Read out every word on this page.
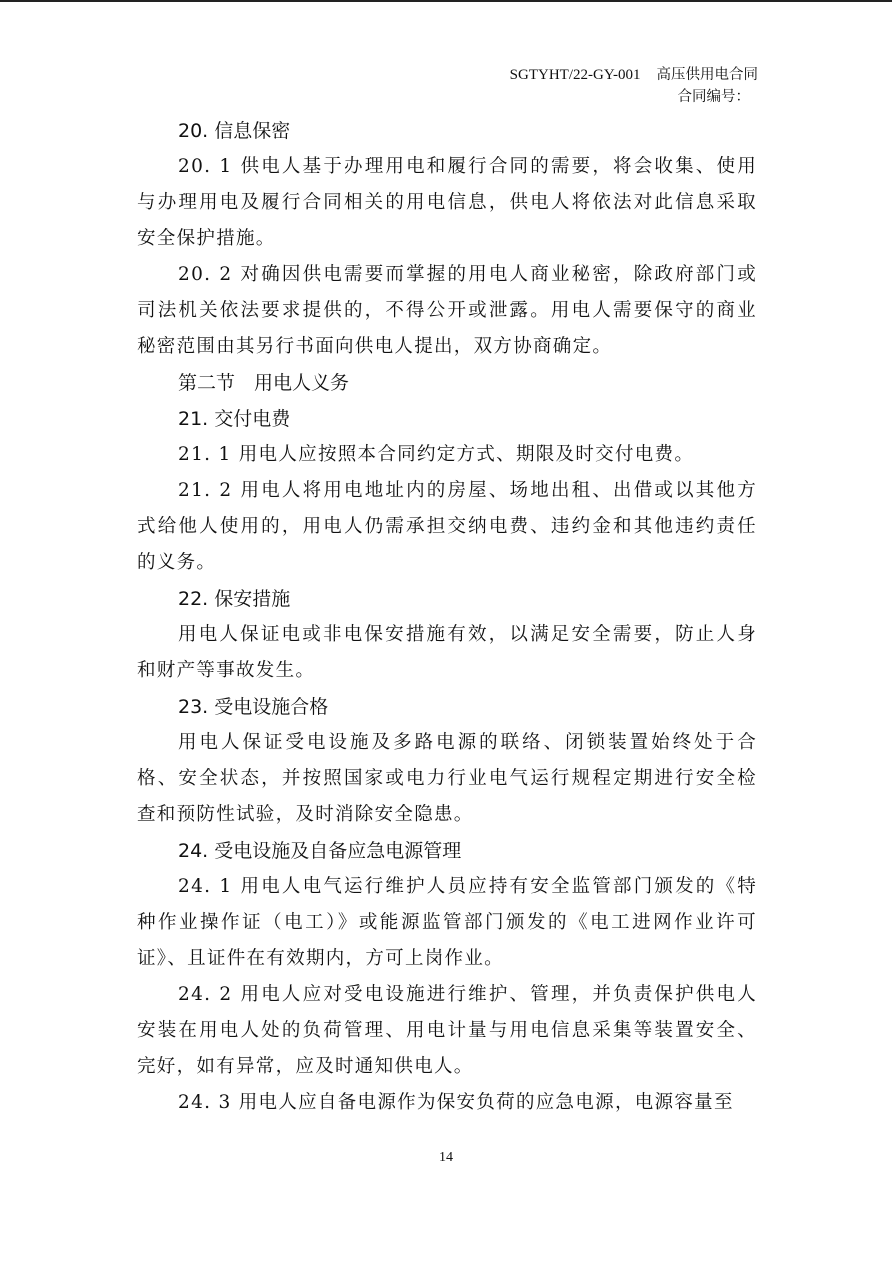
SGTYHT/22-GY-001 高压供用电合同
合同编号：
20. 信息保密
20. 1 供电人基于办理用电和履行合同的需要，将会收集、使用
与办理用电及履行合同相关的用电信息，供电人将依法对此信息采取
安全保护措施。
20. 2 对确因供电需要而掌握的用电人商业秘密，除政府部门或
司法机关依法要求提供的，不得公开或泄露。用电人需要保守的商业
秘密范围由其另行书面向供电人提出，双方协商确定。
第二节　用电人义务
21. 交付电费
21. 1 用电人应按照本合同约定方式、期限及时交付电费。
21. 2 用电人将用电地址内的房屋、场地出租、出借或以其他方
式给他人使用的，用电人仍需承担交纳电费、违约金和其他违约责任
的义务。
22. 保安措施
用电人保证电或非电保安措施有效，以满足安全需要，防止人身
和财产等事故发生。
23. 受电设施合格
用电人保证受电设施及多路电源的联络、闭锁装置始终处于合
格、安全状态，并按照国家或电力行业电气运行规程定期进行安全检
查和预防性试验，及时消除安全隐患。
24. 受电设施及自备应急电源管理
24. 1 用电人电气运行维护人员应持有安全监管部门颁发的《特
种作业操作证（电工）》或能源监管部门颁发的《电工进网作业许可
证》、且证件在有效期内，方可上岗作业。
24. 2 用电人应对受电设施进行维护、管理，并负责保护供电人
安装在用电人处的负荷管理、用电计量与用电信息采集等装置安全、
完好，如有异常，应及时通知供电人。
24. 3 用电人应自备电源作为保安负荷的应急电源，电源容量至
14
